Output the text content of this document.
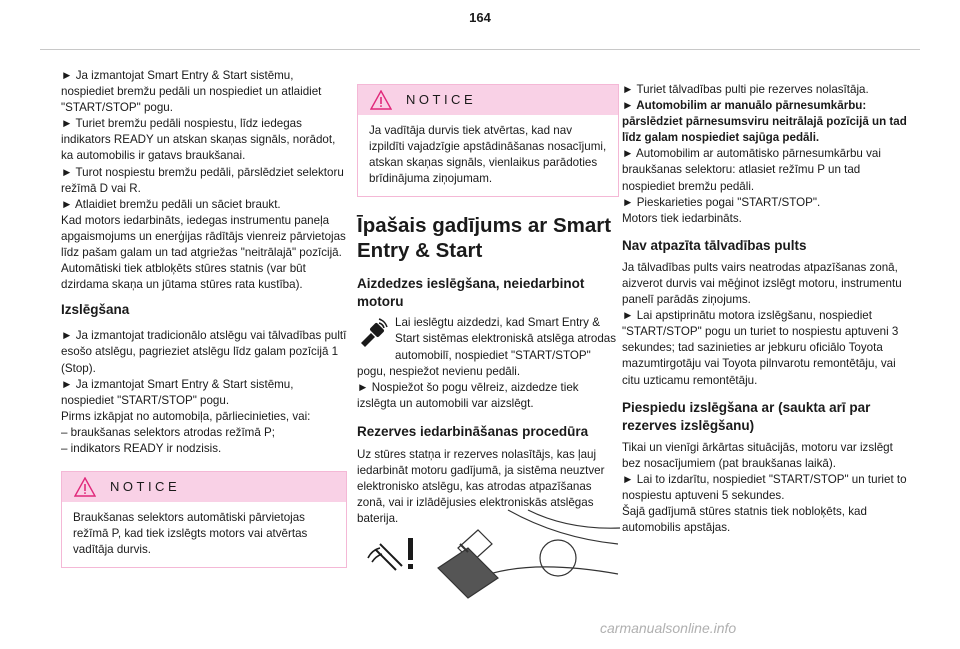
164

► Ja izmantojat Smart Entry & Start sistēmu, nospiediet bremžu pedāli un nospiediet un atlaidiet "START/STOP" pogu.

► Turiet bremžu pedāli nospiestu, līdz iedegas indikators READY un atskan skaņas signāls, norādot, ka automobilis ir gatavs braukšanai.

► Turot nospiestu bremžu pedāli, pārslēdziet selektoru režīmā D vai R.

► Atlaidiet bremžu pedāli un sāciet braukt.

Kad motors iedarbināts, iedegas instrumentu paneļa apgaismojums un enerģijas rādītājs vienreiz pārvietojas līdz pašam galam un tad atgriežas "neitrālajā" pozīcijā. Automātiski tiek atbloķēts stūres statnis (var būt dzirdama skaņa un jūtama stūres rata kustība).

Izslēgšana

► Ja izmantojat tradicionālo atslēgu vai tālvadības pultī esošo atslēgu, pagrieziet atslēgu līdz galam pozīcijā 1 (Stop).

► Ja izmantojat Smart Entry & Start sistēmu, nospiediet "START/STOP" pogu.

Pirms izkāpjat no automobiļa, pārliecinieties, vai:

– braukšanas selektors atrodas režīmā P;

– indikators READY ir nodzisis.

NOTICE
Braukšanas selektors automātiski pārvietojas režīmā P, kad tiek izslēgts motors vai atvērtas vadītāja durvis.
NOTICE
Ja vadītāja durvis tiek atvērtas, kad nav izpildīti vajadzīgie apstādināšanas nosacījumi, atskan skaņas signāls, vienlaikus parādoties brīdinājuma ziņojumam.
Īpašais gadījums ar Smart Entry & Start
Aizdedzes ieslēgšana, neiedarbinot motoru

Lai ieslēgtu aizdedzi, kad Smart Entry & Start sistēmas elektroniskā atslēga atrodas automobilī, nospiediet "START/STOP" pogu, nespiežot nevienu pedāli.

► Nospiežot šo pogu vēlreiz, aizdedze tiek izslēgta un automobili var aizslēgt.

Rezerves iedarbināšanas procedūra

Uz stūres statņa ir rezerves nolasītājs, kas ļauj iedarbināt motoru gadījumā, ja sistēma neuztver elektronisko atslēgu, kas atrodas atpazīšanas zonā, vai ir izlādējusies elektroniskās atslēgas baterija.

► Turiet tālvadības pulti pie rezerves nolasītāja.

► Automobilim ar manuālo pārnesumkārbu: pārslēdziet pārnesumsviru neitrālajā pozīcijā un tad līdz galam nospiediet sajūga pedāli.

► Automobilim ar automātisko pārnesumkārbu vai braukšanas selektoru: atlasiet režīmu P un tad nospiediet bremžu pedāli.

► Pieskarieties pogai "START/STOP".

Motors tiek iedarbināts.

Nav atpazīta tālvadības pults

Ja tālvadības pults vairs neatrodas atpazīšanas zonā, aizverot durvis vai mēģinot izslēgt motoru, instrumentu panelī parādās ziņojums.

► Lai apstiprinātu motora izslēgšanu, nospiediet "START/STOP" pogu un turiet to nospiestu aptuveni 3 sekundes; tad sazinieties ar jebkuru oficiālo Toyota mazumtirgotāju vai Toyota pilnvarotu remontētāju, vai citu uzticamu remontētāju.

Piespiedu izslēgšana ar (saukta arī par rezerves izslēgšanu)

Tikai un vienīgi ārkārtas situācijās, motoru var izslēgt bez nosacījumiem (pat braukšanas laikā).

► Lai to izdarītu, nospiediet "START/STOP" un turiet to nospiestu aptuveni 5 sekundes.

Šajā gadījumā stūres statnis tiek nobloķēts, kad automobilis apstājas.

carmanualsonline.info
